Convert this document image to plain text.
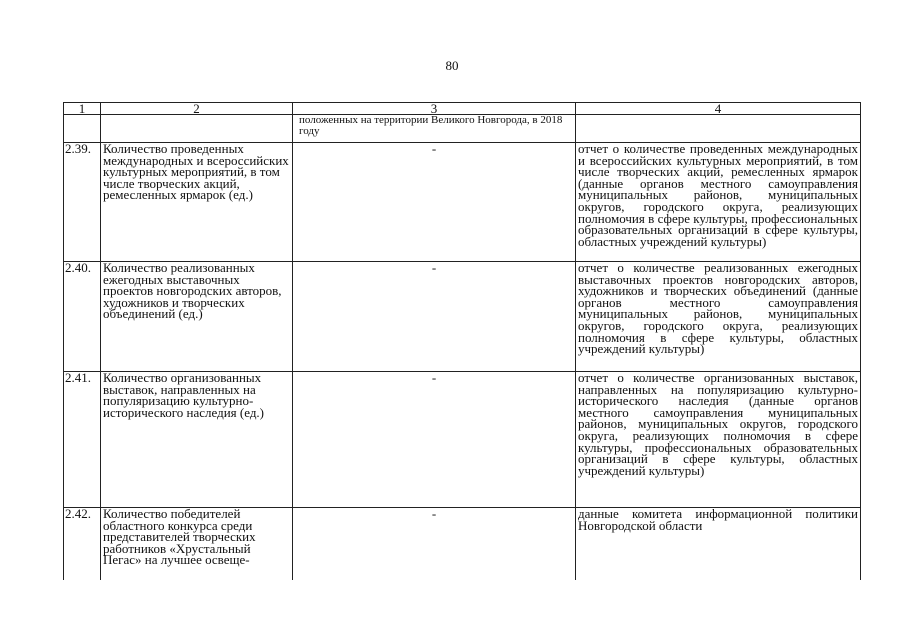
80
1	2	3	4
		положенных на территории Великого Новгорода, в 2018 году	
2.39.	Количество проведенных международных и всероссийских культурных мероприятий, в том числе творческих акций, ремесленных ярмарок (ед.)	-	отчет о количестве проведенных международных и всероссийских культурных мероприятий, в том числе творческих акций, ремесленных ярмарок (данные органов местного самоуправления муниципальных районов, муниципальных округов, городского округа, реализующих полномочия в сфере культуры, профессиональных образовательных организаций в сфере культуры, областных учреждений культуры)
2.40.	Количество реализованных ежегодных выставочных проектов новгородских авторов, художников и творческих объединений (ед.)	-	отчет о количестве реализованных ежегодных выставочных проектов новгородских авторов, художников и творческих объединений (данные органов местного самоуправления муниципальных районов, муниципальных округов, городского округа, реализующих полномочия в сфере культуры, областных учреждений культуры)
2.41.	Количество организованных выставок, направленных на популяризацию культурно-исторического наследия (ед.)	-	отчет о количестве организованных выставок, направленных на популяризацию культурно-исторического наследия (данные органов местного самоуправления муниципальных районов, муниципальных округов, городского округа, реализующих полномочия в сфере культуры, профессиональных образовательных организаций в сфере культуры, областных учреждений культуры)
2.42.	Количество победителей областного конкурса среди представителей творческих работников «Хрустальный Пегас» на лучшее освеще-	-	данные комитета информационной политики Новгородской области
